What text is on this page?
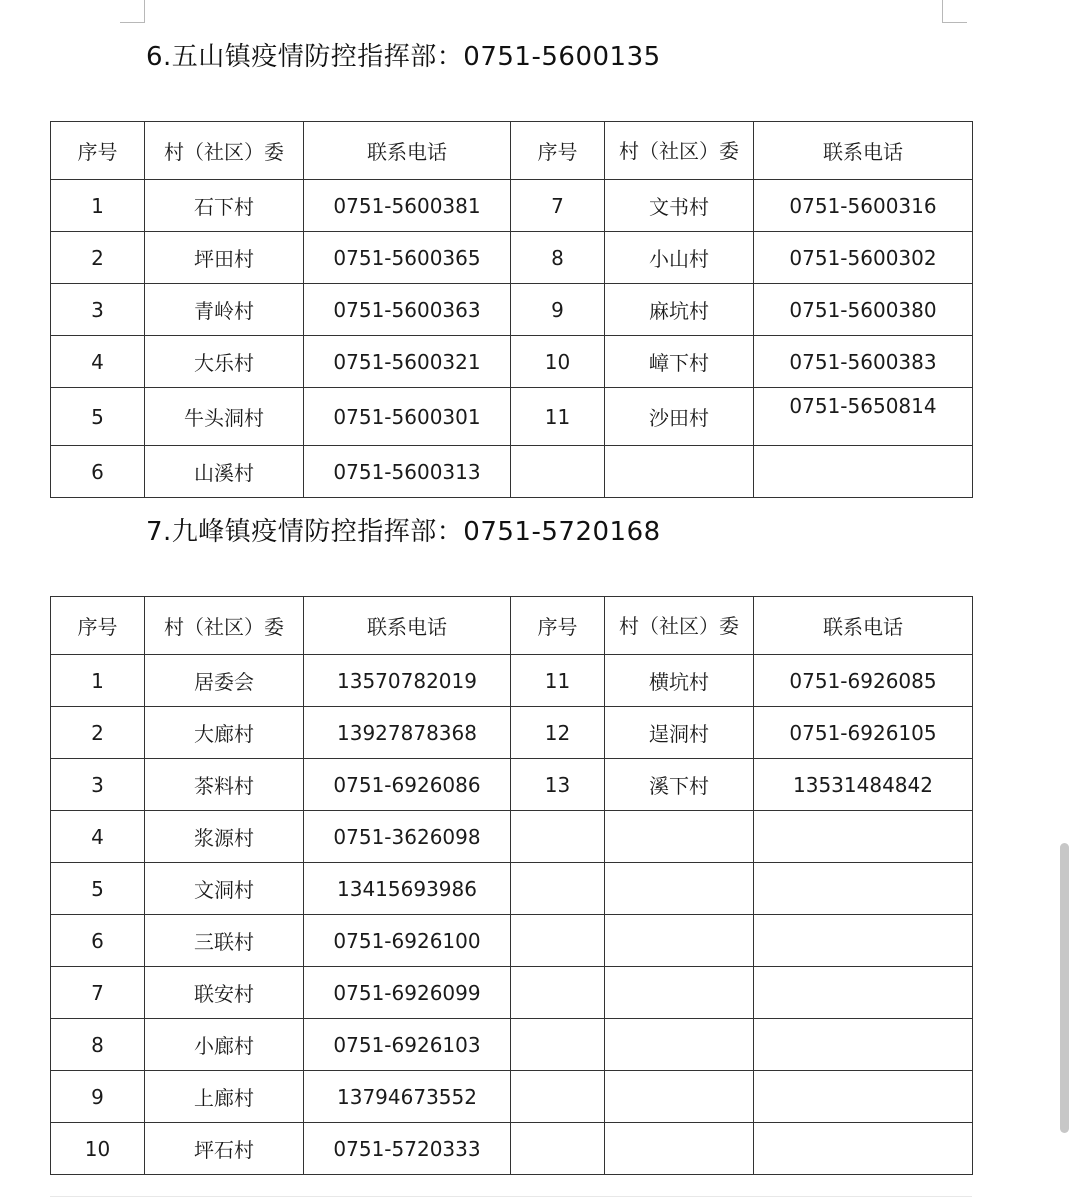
6.五山镇疫情防控指挥部：0751-5600135
序号	村（社区）委	联系电话	序号	村（社区）委	联系电话
1	石下村	0751-5600381	7	文书村	0751-5600316
2	坪田村	0751-5600365	8	小山村	0751-5600302
3	青岭村	0751-5600363	9	麻坑村	0751-5600380
4	大乐村	0751-5600321	10	嶂下村	0751-5600383
5	牛头洞村	0751-5600301	11	沙田村	0751-5650814
6	山溪村	0751-5600313			
7.九峰镇疫情防控指挥部：0751-5720168
序号	村（社区）委	联系电话	序号	村（社区）委	联系电话
1	居委会	13570782019	11	横坑村	0751-6926085
2	大廊村	13927878368	12	逞洞村	0751-6926105
3	茶料村	0751-6926086	13	溪下村	13531484842
4	浆源村	0751-3626098			
5	文洞村	13415693986			
6	三联村	0751-6926100			
7	联安村	0751-6926099			
8	小廊村	0751-6926103			
9	上廊村	13794673552			
10	坪石村	0751-5720333			
